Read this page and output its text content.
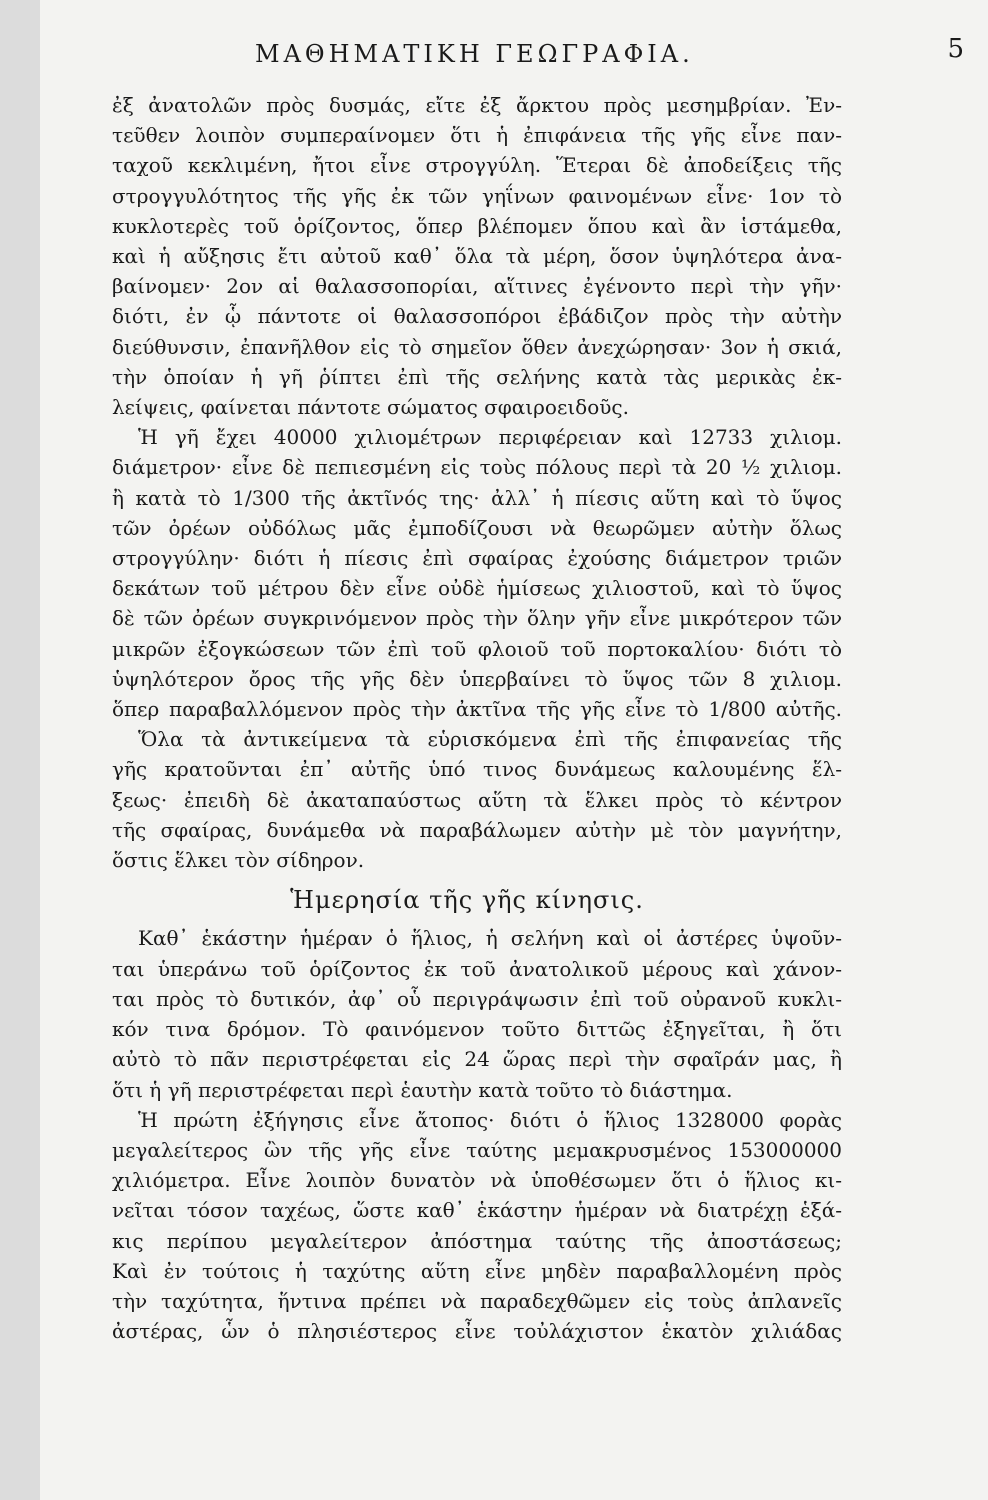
ΜΑΘΗΜΑΤΙΚΗ ΓΕΩΓΡΑΦΙΑ.	5
ἐξ ἀνατολῶν πρὸς δυσμάς, εἴτε ἐξ ἄρκτου πρὸς μεσημβρίαν. Ἐν-
τεῦθεν λοιπὸν συμπεραίνομεν ὅτι ἡ ἐπιφάνεια τῆς γῆς εἶνε παν-
ταχοῦ κεκλιμένη, ἤτοι εἶνε στρογγύλη. Ἕτεραι δὲ ἀποδείξεις τῆς
στρογγυλότητος τῆς γῆς ἐκ τῶν γηΐνων φαινομένων εἶνε· 1ον τὸ
κυκλοτερὲς τοῦ ὁρίζοντος, ὅπερ βλέπομεν ὅπου καὶ ἂν ἱστάμεθα,
καὶ ἡ αὔξησις ἔτι αὐτοῦ καθ᾽ ὅλα τὰ μέρη, ὅσον ὑψηλότερα ἀνα-
βαίνομεν· 2ον αἱ θαλασσοπορίαι, αἵτινες ἐγένοντο περὶ τὴν γῆν·
διότι, ἐν ᾧ πάντοτε οἱ θαλασσοπόροι ἐβάδιζον πρὸς τὴν αὐτὴν
διεύθυνσιν, ἐπανῆλθον εἰς τὸ σημεῖον ὅθεν ἀνεχώρησαν· 3ον ἡ σκιά,
τὴν ὁποίαν ἡ γῆ ῥίπτει ἐπὶ τῆς σελήνης κατὰ τὰς μερικὰς ἐκ-
λείψεις, φαίνεται πάντοτε σώματος σφαιροειδοῦς.
Ἡ γῆ ἔχει 40000 χιλιομέτρων περιφέρειαν καὶ 12733 χιλιομ.
διάμετρον· εἶνε δὲ πεπιεσμένη εἰς τοὺς πόλους περὶ τὰ 20 ½ χιλιομ.
ἢ κατὰ τὸ 1/300 τῆς ἀκτῖνός της· ἀλλ᾽ ἡ πίεσις αὕτη καὶ τὸ ὕψος
τῶν ὀρέων οὐδόλως μᾶς ἐμποδίζουσι νὰ θεωρῶμεν αὐτὴν ὅλως
στρογγύλην· διότι ἡ πίεσις ἐπὶ σφαίρας ἐχούσης διάμετρον τριῶν
δεκάτων τοῦ μέτρου δὲν εἶνε οὐδὲ ἡμίσεως χιλιοστοῦ, καὶ τὸ ὕψος
δὲ τῶν ὀρέων συγκρινόμενον πρὸς τὴν ὅλην γῆν εἶνε μικρότερον τῶν
μικρῶν ἐξογκώσεων τῶν ἐπὶ τοῦ φλοιοῦ τοῦ πορτοκαλίου· διότι τὸ
ὑψηλότερον ὄρος τῆς γῆς δὲν ὑπερβαίνει τὸ ὕψος τῶν 8 χιλιομ.
ὅπερ παραβαλλόμενον πρὸς τὴν ἀκτῖνα τῆς γῆς εἶνε τὸ 1/800 αὐτῆς.
Ὅλα τὰ ἀντικείμενα τὰ εὑρισκόμενα ἐπὶ τῆς ἐπιφανείας τῆς
γῆς κρατοῦνται ἐπ᾽ αὐτῆς ὑπό τινος δυνάμεως καλουμένης ἕλ-
ξεως· ἐπειδὴ δὲ ἀκαταπαύστως αὕτη τὰ ἕλκει πρὸς τὸ κέντρον
τῆς σφαίρας, δυνάμεθα νὰ παραβάλωμεν αὐτὴν μὲ τὸν μαγνήτην,
ὅστις ἕλκει τὸν σίδηρον.
Ἡμερησία τῆς γῆς κίνησις.
Καθ᾽ ἑκάστην ἡμέραν ὁ ἥλιος, ἡ σελήνη καὶ οἱ ἀστέρες ὑψοῦν-
ται ὑπεράνω τοῦ ὁρίζοντος ἐκ τοῦ ἀνατολικοῦ μέρους καὶ χάνον-
ται πρὸς τὸ δυτικόν, ἀφ᾽ οὗ περιγράψωσιν ἐπὶ τοῦ οὐρανοῦ κυκλι-
κόν τινα δρόμον. Τὸ φαινόμενον τοῦτο διττῶς ἐξηγεῖται, ἢ ὅτι
αὐτὸ τὸ πᾶν περιστρέφεται εἰς 24 ὥρας περὶ τὴν σφαῖράν μας, ἢ
ὅτι ἡ γῆ περιστρέφεται περὶ ἑαυτὴν κατὰ τοῦτο τὸ διάστημα.
Ἡ πρώτη ἐξήγησις εἶνε ἄτοπος· διότι ὁ ἥλιος 1328000 φορὰς
μεγαλείτερος ὢν τῆς γῆς εἶνε ταύτης μεμακρυσμένος 153000000
χιλιόμετρα. Εἶνε λοιπὸν δυνατὸν νὰ ὑποθέσωμεν ὅτι ὁ ἥλιος κι-
νεῖται τόσον ταχέως, ὥστε καθ᾽ ἑκάστην ἡμέραν νὰ διατρέχῃ ἑξά-
κις περίπου μεγαλείτερον ἀπόστημα ταύτης τῆς ἀποστάσεως;
Καὶ ἐν τούτοις ἡ ταχύτης αὕτη εἶνε μηδὲν παραβαλλομένη πρὸς
τὴν ταχύτητα, ἥντινα πρέπει νὰ παραδεχθῶμεν εἰς τοὺς ἀπλανεῖς
ἀστέρας, ὧν ὁ πλησιέστερος εἶνε τοὐλάχιστον ἑκατὸν χιλιάδας
